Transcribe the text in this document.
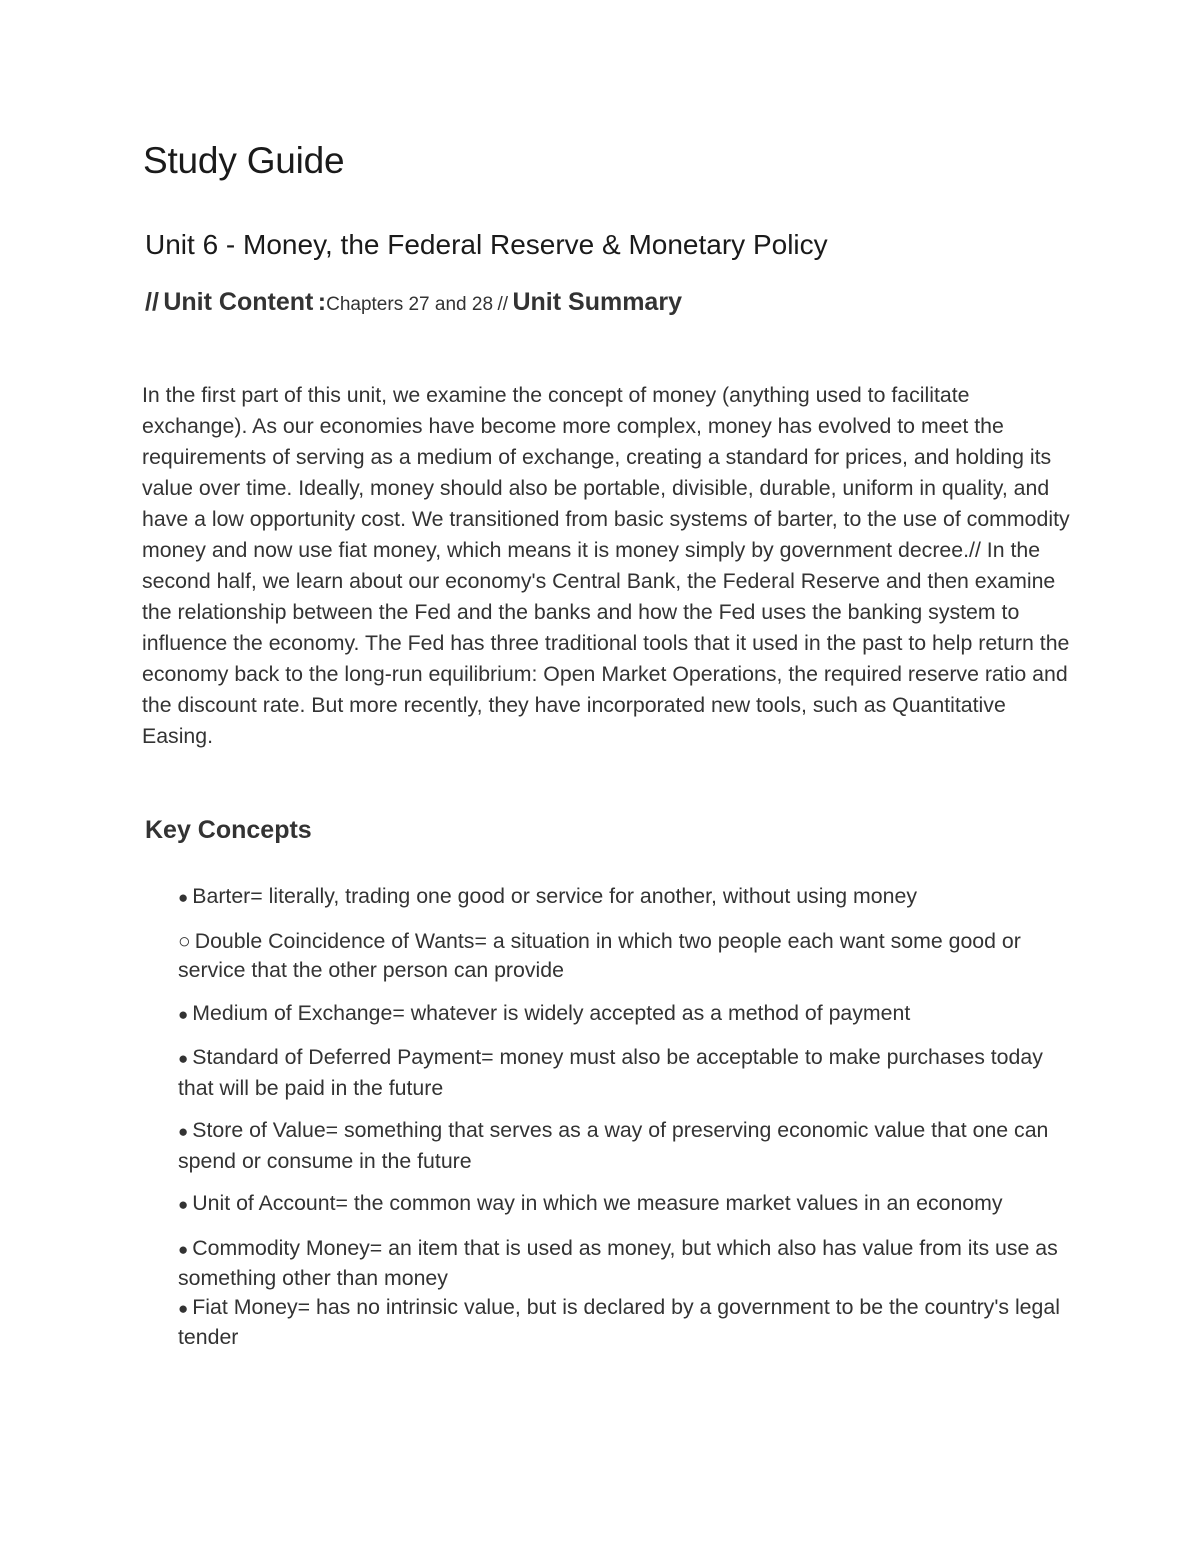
Study Guide
Unit 6 - Money, the Federal Reserve & Monetary Policy

// Unit Content :Chapters 27 and 28 // Unit Summary

In the first part of this unit, we examine the concept of money (anything used to facilitate exchange). As our economies have become more complex, money has evolved to meet the requirements of serving as a medium of exchange, creating a standard for prices, and holding its value over time. Ideally, money should also be portable, divisible, durable, uniform in quality, and have a low opportunity cost. We transitioned from basic systems of barter, to the use of commodity money and now use fiat money, which means it is money simply by government decree.// In the second half, we learn about our economy's Central Bank, the Federal Reserve and then examine the relationship between the Fed and the banks and how the Fed uses the banking system to influence the economy. The Fed has three traditional tools that it used in the past to help return the economy back to the long-run equilibrium: Open Market Operations, the required reserve ratio and the discount rate. But more recently, they have incorporated new tools, such as Quantitative Easing.

Key Concepts
● Barter= literally, trading one good or service for another, without using money
○ Double Coincidence of Wants= a situation in which two people each want some good or service that the other person can provide
● Medium of Exchange= whatever is widely accepted as a method of payment
● Standard of Deferred Payment= money must also be acceptable to make purchases today that will be paid in the future
● Store of Value= something that serves as a way of preserving economic value that one can spend or consume in the future
● Unit of Account= the common way in which we measure market values in an economy
● Commodity Money= an item that is used as money, but which also has value from its use as something other than money
● Fiat Money= has no intrinsic value, but is declared by a government to be the country's legal tender
